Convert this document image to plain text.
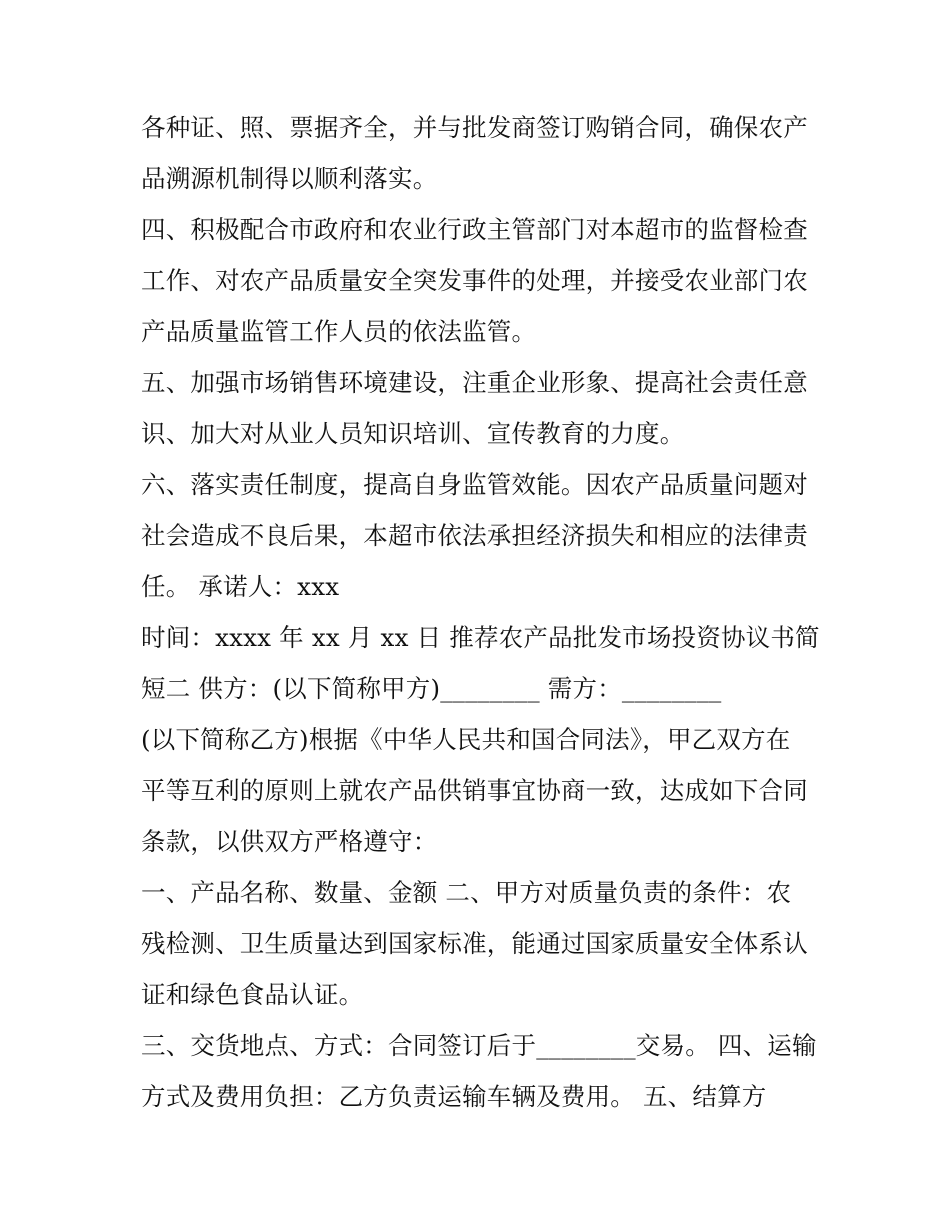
各种证、照、票据齐全，并与批发商签订购销合同，确保农产
品溯源机制得以顺利落实。
四、积极配合市政府和农业行政主管部门对本超市的监督检查
工作、对农产品质量安全突发事件的处理，并接受农业部门农
产品质量监管工作人员的依法监管。
五、加强市场销售环境建设，注重企业形象、提高社会责任意
识、加大对从业人员知识培训、宣传教育的力度。
六、落实责任制度，提高自身监管效能。因农产品质量问题对
社会造成不良后果，本超市依法承担经济损失和相应的法律责
任。 承诺人：xxx
时间：xxxx 年 xx 月 xx 日 推荐农产品批发市场投资协议书简
短二 供方：(以下简称甲方)________ 需方：________
(以下简称乙方)根据《中华人民共和国合同法》，甲乙双方在
平等互利的原则上就农产品供销事宜协商一致，达成如下合同
条款，以供双方严格遵守：
一、产品名称、数量、金额 二、甲方对质量负责的条件：农
残检测、卫生质量达到国家标准，能通过国家质量安全体系认
证和绿色食品认证。
三、交货地点、方式：合同签订后于________交易。 四、运输
方式及费用负担：乙方负责运输车辆及费用。 五、结算方
